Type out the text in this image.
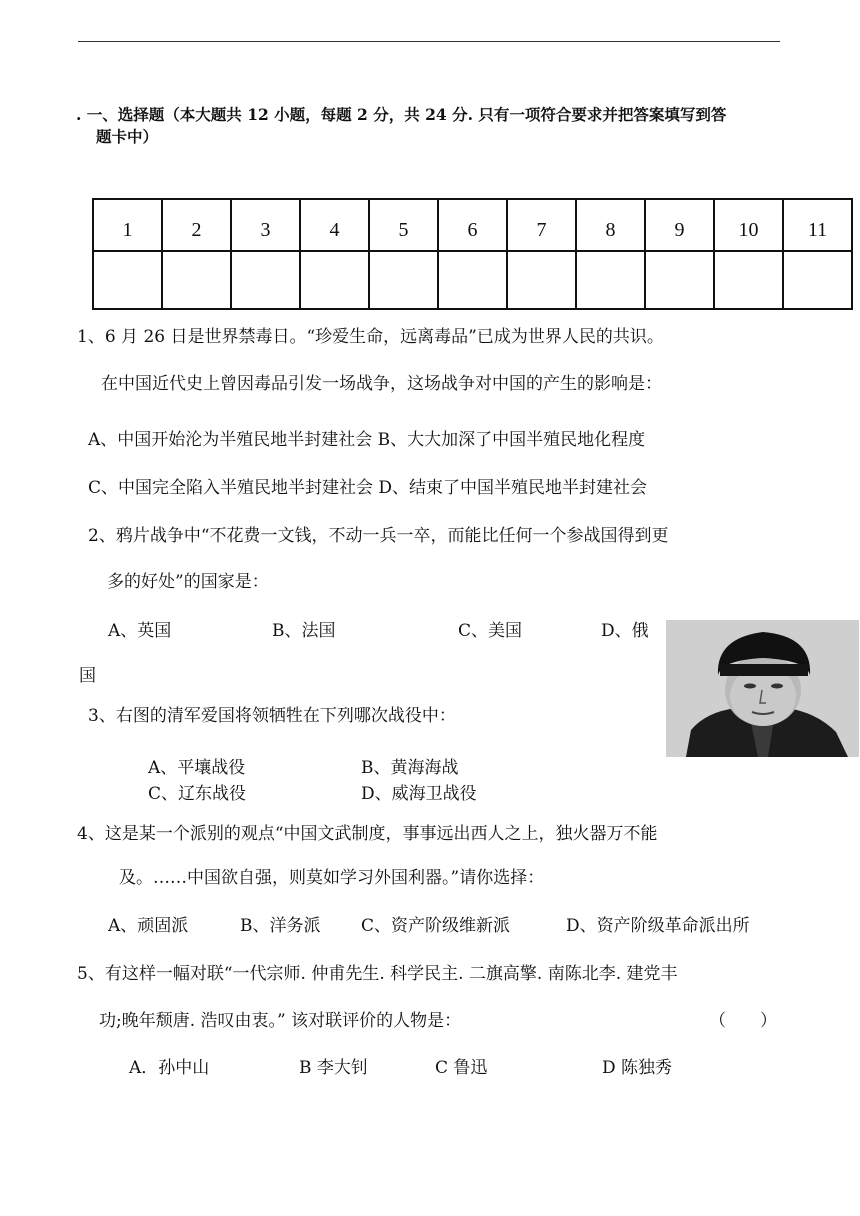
. 一、选择题（本大题共 12 小题，每题 2 分，共 24 分. 只有一项符合要求并把答案填写到答
题卡中）
1	2	3	4	5	6	7	8	9	10	11

1、6 月 26 日是世界禁毒日。“珍爱生命，远离毒品”已成为世界人民的共识。
在中国近代史上曾因毒品引发一场战争，这场战争对中国的产生的影响是：
A、中国开始沦为半殖民地半封建社会 B、大大加深了中国半殖民地化程度
C、中国完全陷入半殖民地半封建社会 D、结束了中国半殖民地半封建社会
2、鸦片战争中“不花费一文钱，不动一兵一卒，而能比任何一个参战国得到更
多的好处”的国家是：
A、英国	B、法国	C、美国	D、俄
国
3、右图的清军爱国将领牺牲在下列哪次战役中：
A、平壤战役	B、黄海海战
C、辽东战役	D、威海卫战役
4、这是某一个派别的观点“中国文武制度，事事远出西人之上，独火器万不能
及。……中国欲自强，则莫如学习外国利器。”请你选择：
A、顽固派	B、洋务派 C、资产阶级维新派	D、资产阶级革命派出所
5、有这样一幅对联“一代宗师. 仲甫先生. 科学民主. 二旗高擎. 南陈北李. 建党丰
功;晚年颓唐. 浩叹由衷。” 该对联评价的人物是：	（　　）
A．孙中山	B 李大钊	C 鲁迅	D 陈独秀
